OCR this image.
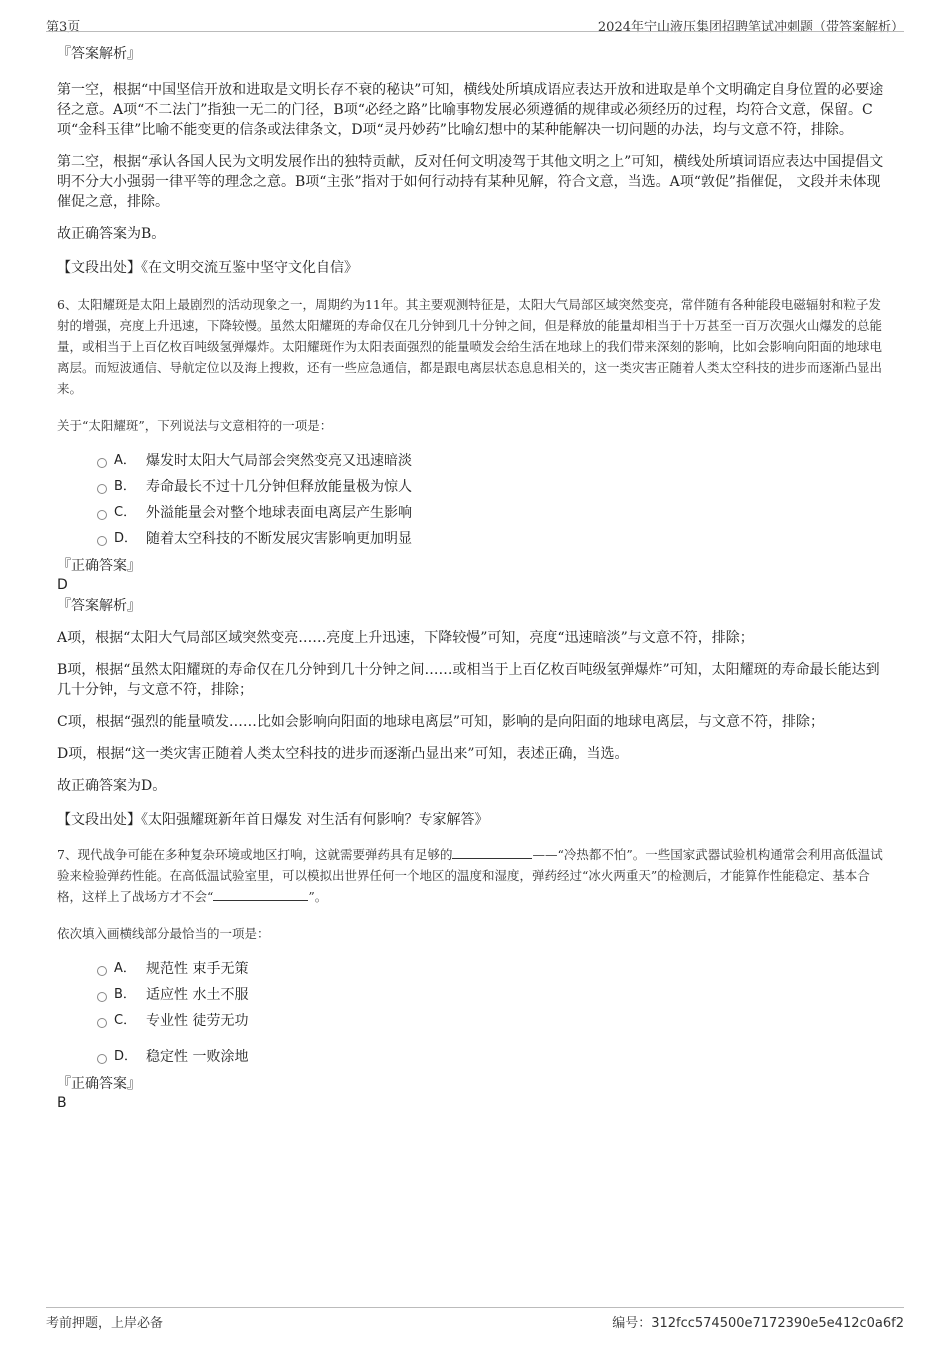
第3页	2024年宁山液压集团招聘笔试冲刺题（带答案解析）
『答案解析』

第一空，根据“中国坚信开放和进取是文明长存不衰的秘诀”可知，横线处所填成语应表达开放和进取是单个文明确定自身位置的必要途径之意。A项“不二法门”指独一无二的门径，B项“必经之路”比喻事物发展必须遵循的规律或必须经历的过程，均符合文意，保留。C项“金科玉律”比喻不能变更的信条或法律条文，D项“灵丹妙药”比喻幻想中的某种能解决一切问题的办法，均与文意不符，排除。

第二空，根据“承认各国人民为文明发展作出的独特贡献，反对任何文明凌驾于其他文明之上”可知，横线处所填词语应表达中国提倡文明不分大小强弱一律平等的理念之意。B项“主张”指对于如何行动持有某种见解，符合文意，当选。A项“敦促”指催促， 文段并未体现催促之意，排除。

故正确答案为B。

【文段出处】《在文明交流互鉴中坚守文化自信》

6、太阳耀斑是太阳上最剧烈的活动现象之一，周期约为11年。其主要观测特征是，太阳大气局部区域突然变亮，常伴随有各种能段电磁辐射和粒子发射的增强，亮度上升迅速，下降较慢。虽然太阳耀斑的寿命仅在几分钟到几十分钟之间，但是释放的能量却相当于十万甚至一百万次强火山爆发的总能量，或相当于上百亿枚百吨级氢弹爆炸。太阳耀斑作为太阳表面强烈的能量喷发会给生活在地球上的我们带来深刻的影响，比如会影响向阳面的地球电离层。而短波通信、导航定位以及海上搜救，还有一些应急通信，都是跟电离层状态息息相关的，这一类灾害正随着人类太空科技的进步而逐渐凸显出来。

关于“太阳耀斑”，下列说法与文意相符的一项是：

A． 爆发时太阳大气局部会突然变亮又迅速暗淡
B． 寿命最长不过十几分钟但释放能量极为惊人
C． 外溢能量会对整个地球表面电离层产生影响
D． 随着太空科技的不断发展灾害影响更加明显
『正确答案』
D
『答案解析』

A项，根据“太阳大气局部区域突然变亮……亮度上升迅速，下降较慢”可知，亮度“迅速暗淡”与文意不符，排除；

B项，根据“虽然太阳耀斑的寿命仅在几分钟到几十分钟之间……或相当于上百亿枚百吨级氢弹爆炸”可知，太阳耀斑的寿命最长能达到几十分钟，与文意不符，排除；

C项，根据“强烈的能量喷发……比如会影响向阳面的地球电离层”可知，影响的是向阳面的地球电离层，与文意不符，排除；

D项，根据“这一类灾害正随着人类太空科技的进步而逐渐凸显出来”可知，表述正确，当选。

故正确答案为D。

【文段出处】《太阳强耀斑新年首日爆发 对生活有何影响？专家解答》

7、现代战争可能在多种复杂环境或地区打响，这就需要弹药具有足够的	——“冷热都不怕”。一些国家武器试验机构通常会利用高低温试验来检验弹药性能。在高低温试验室里，可以模拟出世界任何一个地区的温度和湿度，弹药经过“冰火两重天”的检测后，才能算作性能稳定、基本合格，这样上了战场方才不会“	”。

依次填入画横线部分最恰当的一项是：

A． 规范性 束手无策
B． 适应性 水土不服
C． 专业性 徒劳无功
D． 稳定性 一败涂地
『正确答案』
B
考前押题，上岸必备	编号：312fcc574500e7172390e5e412c0a6f2
